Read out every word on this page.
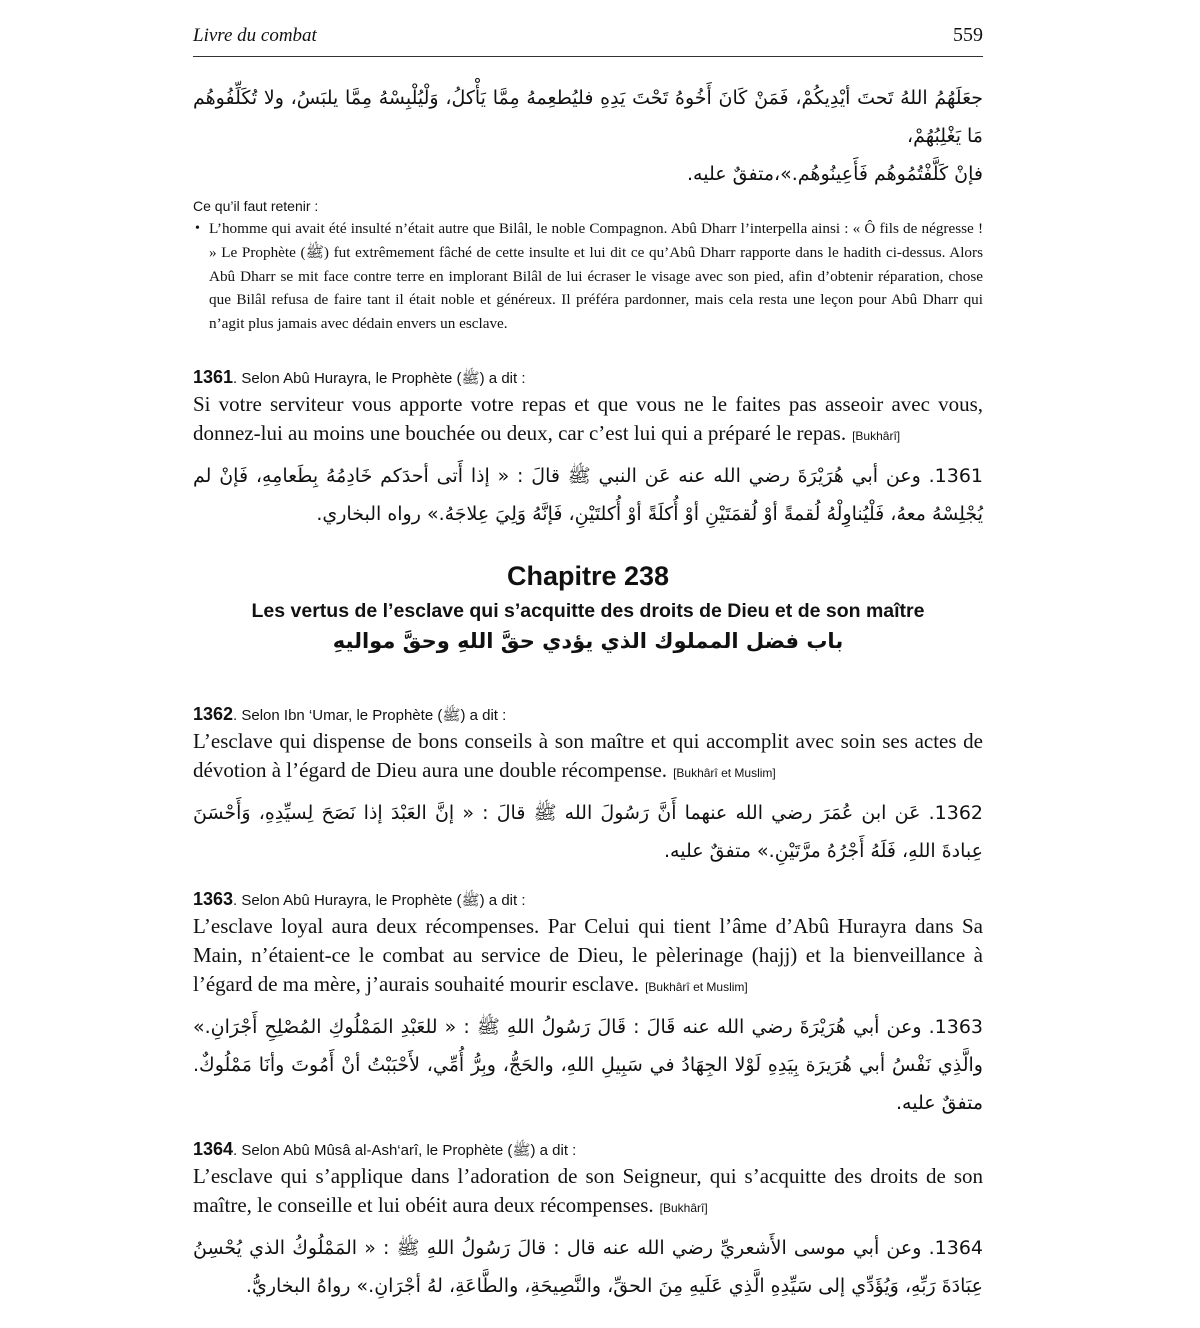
Livre du combat	559
جعَلَهُمُ اللهُ تَحتَ أيْدِيكُمْ، فَمَنْ كَانَ أَخُوهُ تَحْتَ يَدِهِ فليُطعِمهُ مِمَّا يَأْكلُ، وَلْيُلْبِسْهُ مِمَّا يلبَسُ، ولا تُكَلِّفُوهُم مَا يَغْلِبُهُمْ،
فإنْ كَلَّفْتُمُوهُم فَأَعِينُوهُم.»،متفقٌ عليه.
Ce qu’il faut retenir :
• L’homme qui avait été insulté n’était autre que Bilâl, le noble Compagnon. Abû Dharr l’interpella ainsi : « Ô fils de négresse ! » Le Prophète (ﷺ) fut extrêmement fâché de cette insulte et lui dit ce qu’Abû Dharr rapporte dans le hadith ci-dessus. Alors Abû Dharr se mit face contre terre en implorant Bilâl de lui écraser le visage avec son pied, afin d’obtenir réparation, chose que Bilâl refusa de faire tant il était noble et généreux. Il préféra pardonner, mais cela resta une leçon pour Abû Dharr qui n’agit plus jamais avec dédain envers un esclave.
1361. Selon Abû Hurayra, le Prophète (ﷺ) a dit :
Si votre serviteur vous apporte votre repas et que vous ne le faites pas asseoir avec vous, donnez-lui au moins une bouchée ou deux, car c’est lui qui a préparé le repas. [Bukhârî]
1361. وعن أبي هُرَيْرَةَ رضي الله عنه عَن النبي ﷺ قالَ : « إذا أَتى أحدَكم خَادِمُهُ بِطَعامِهِ، فَإنْ لم يُجْلِسْهُ معهُ، فَلْيُناوِلْهُ لُقمةً أوْ لُقمَتَيْنِ أوْ أُكلَةً أوْ أُكلتَيْنِ، فَإنَّهُ وَلِيَ عِلاجَهُ.» رواه البخاري.
Chapitre 238
Les vertus de l’esclave qui s’acquitte des droits de Dieu et de son maître
باب فضل المملوك الذي يؤدي حقَّ اللهِ وحقَّ مواليهِ
1362. Selon Ibn ‘Umar, le Prophète (ﷺ) a dit :
L’esclave qui dispense de bons conseils à son maître et qui accomplit avec soin ses actes de dévotion à l’égard de Dieu aura une double récompense. [Bukhârî et Muslim]
1362. عَن ابن عُمَرَ رضي الله عنهما أَنَّ رَسُولَ الله ﷺ قالَ : « إنَّ العَبْدَ إذا نَصَحَ لِسيِّدِهِ، وَأَحْسَنَ عِبادةَ اللهِ، فَلَهُ أَجْرُهُ مرَّتَيْنِ.» متفقٌ عليه.
1363. Selon Abû Hurayra, le Prophète (ﷺ) a dit :
L’esclave loyal aura deux récompenses. Par Celui qui tient l’âme d’Abû Hurayra dans Sa Main, n’étaient-ce le combat au service de Dieu, le pèlerinage (hajj) et la bienveillance à l’égard de ma mère, j’aurais souhaité mourir esclave. [Bukhârî et Muslim]
1363. وعن أبي هُرَيْرَةَ رضي الله عنه قَالَ : قَالَ رَسُولُ اللهِ ﷺ : « للعَبْدِ المَمْلُوكِ المُصْلِحِ أَجْرَانِ.» والَّذِي نَفْسُ أبي هُرَيرَة بِيَدِهِ لَوْلا الجِهَادُ في سَبِيلِ اللهِ، والحَجُّ، وبِرُّ أُمِّي، لأَحْبَبْتُ أنْ أَمُوتَ وأنَا مَمْلُوكٌ. متفقٌ عليه.
1364. Selon Abû Mûsâ al-Ash‘arî, le Prophète (ﷺ) a dit :
L’esclave qui s’applique dans l’adoration de son Seigneur, qui s’acquitte des droits de son maître, le conseille et lui obéit aura deux récompenses. [Bukhârî]
1364. وعن أبي موسى الأَشعريِّ رضي الله عنه قال : قالَ رَسُولُ اللهِ ﷺ : « المَمْلُوكُ الذي يُحْسِنُ عِبَادَةَ رَبِّهِ، وَيُؤَدِّي إلى سَيِّدِهِ الَّذِي عَلَيهِ مِنَ الحقِّ، والنَّصِيحَةِ، والطَّاعَةِ، لهُ أجْرَانِ.» رواهُ البخاريُّ.
